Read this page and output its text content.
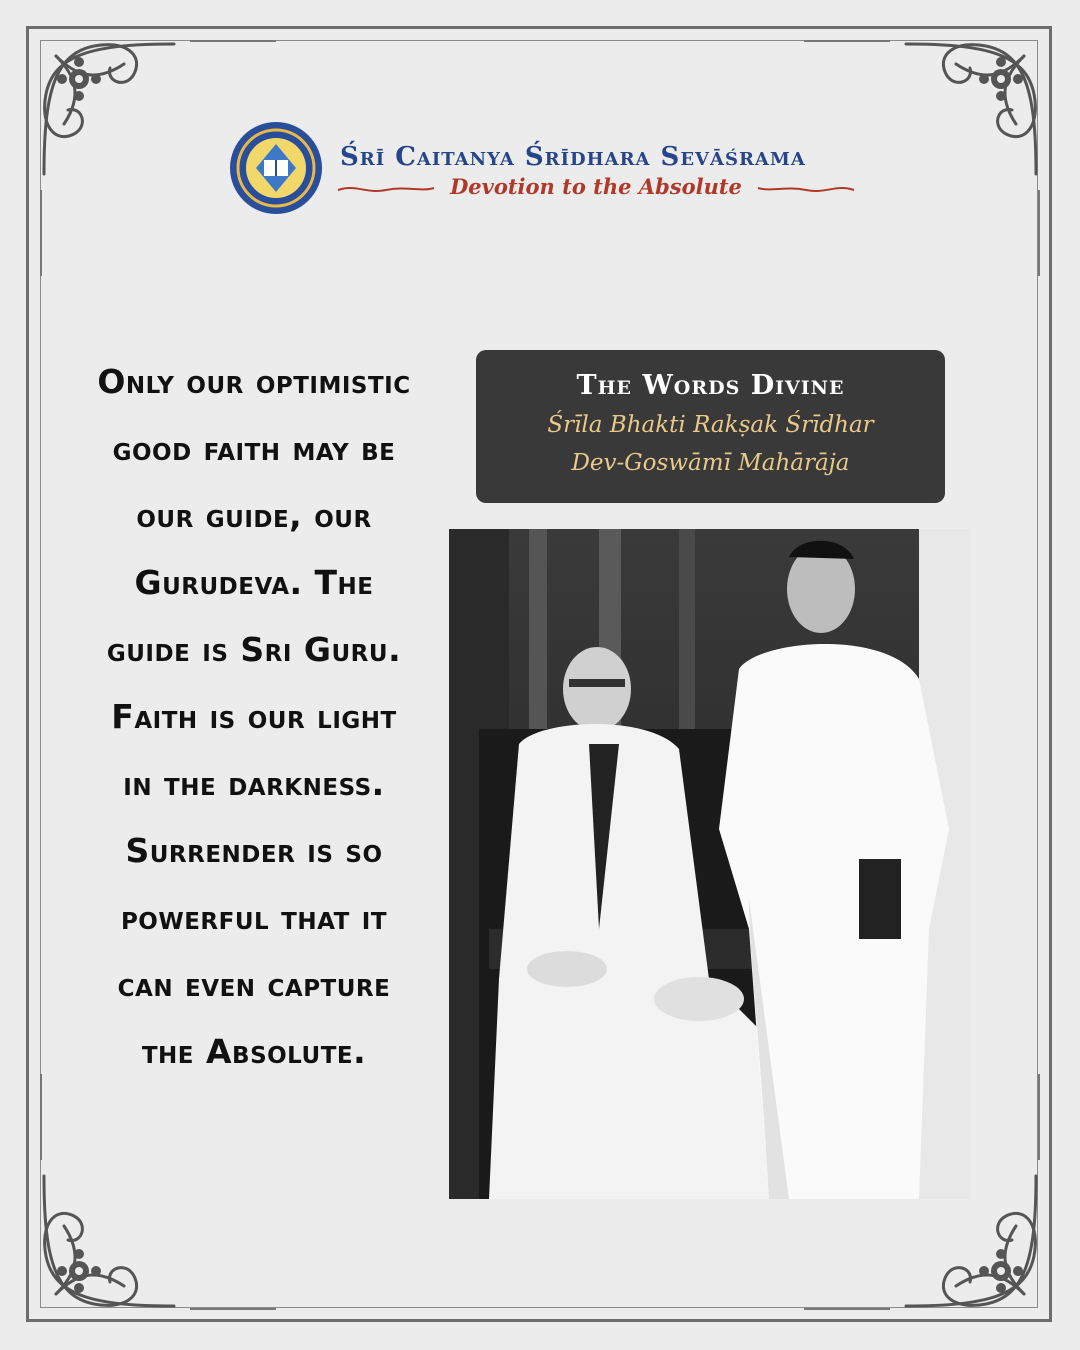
Śrī Caitanya Śrīdhara Sevāśrama
Devotion to the Absolute

Only our optimistic good faith may be our guide, our Gurudeva. The guide is Sri Guru.

Faith is our light in the darkness.

Surrender is so powerful that it can even capture the Absolute.

The Words Divine
Śrīla Bhakti Rakṣak Śrīdhar
Dev-Goswāmī Mahārāja
